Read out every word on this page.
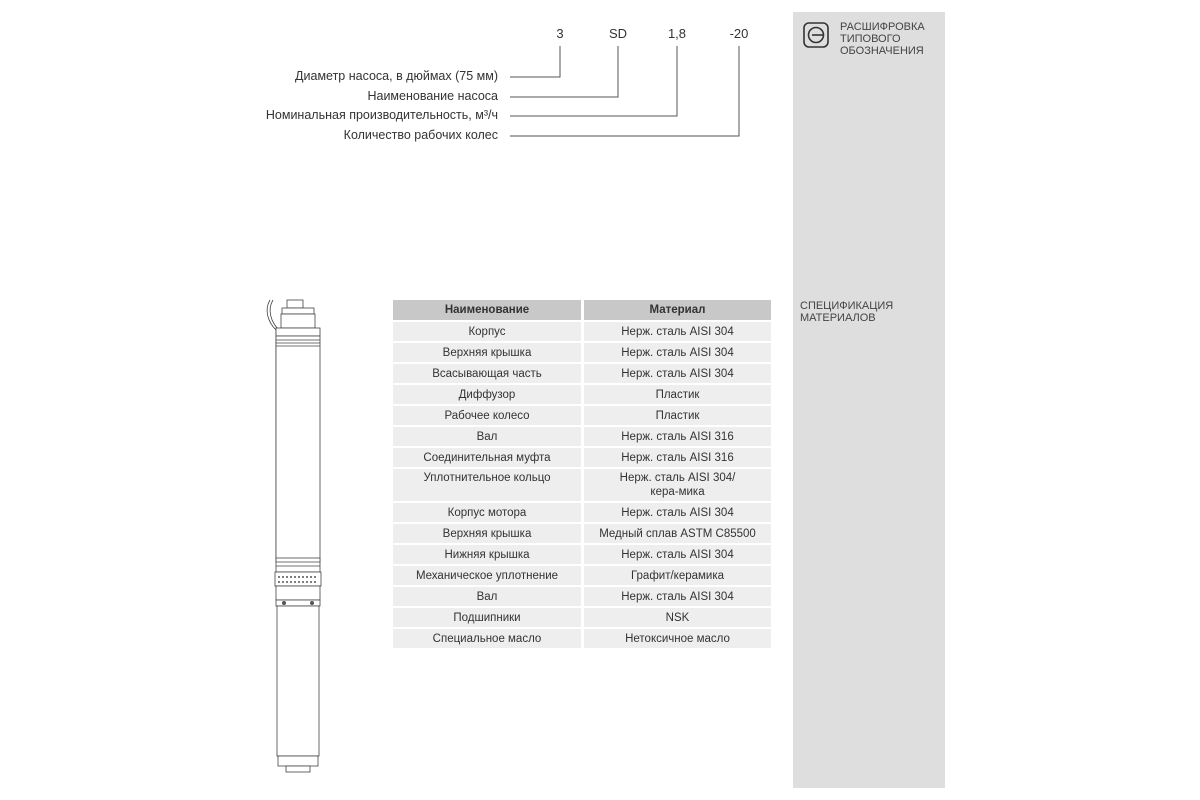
РАСШИФРОВКА ТИПОВОГО ОБОЗНАЧЕНИЯ
СПЕЦИФИКАЦИЯ МАТЕРИАЛОВ
3	SD	1,8	-20
Диаметр насоса, в дюймах (75 мм)
Наименование насоса
Номинальная производительность, м³/ч
Количество рабочих колес
Наименование	Материал
Корпус	Нерж. сталь AISI 304
Верхняя крышка	Нерж. сталь AISI 304
Всасывающая часть	Нерж. сталь AISI 304
Диффузор	Пластик
Рабочее колесо	Пластик
Вал	Нерж. сталь AISI 316
Соединительная муфта	Нерж. сталь AISI 316
Уплотнительное кольцо	Нерж. сталь AISI 304/кера-мика
Корпус мотора	Нерж. сталь AISI 304
Верхняя крышка	Медный сплав ASTM C85500
Нижняя крышка	Нерж. сталь AISI 304
Механическое уплотнение	Графит/керамика
Вал	Нерж. сталь AISI 304
Подшипники	NSK
Специальное масло	Нетоксичное масло
